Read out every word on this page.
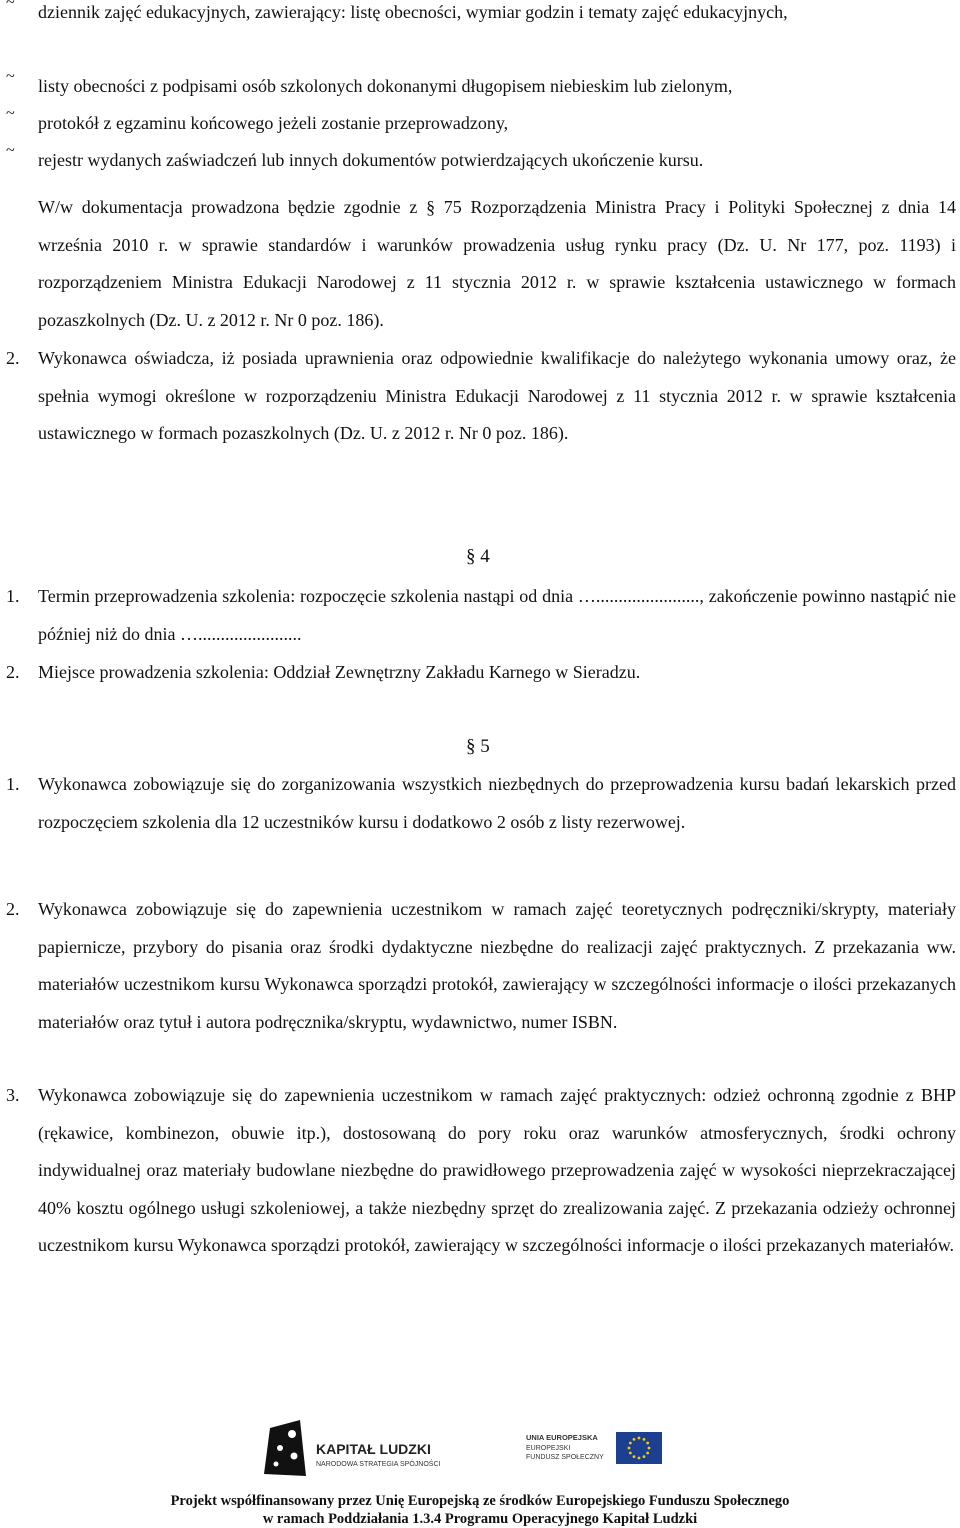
~	dziennik zajęć edukacyjnych, zawierający: listę obecności, wymiar godzin i tematy zajęć edukacyjnych,
~	listy obecności z podpisami osób szkolonych dokonanymi długopisem niebieskim lub zielonym,
~	protokół z egzaminu końcowego jeżeli zostanie przeprowadzony,
~	rejestr wydanych zaświadczeń lub innych dokumentów potwierdzających ukończenie kursu.
W/w dokumentacja prowadzona będzie zgodnie z § 75 Rozporządzenia Ministra Pracy i Polityki Społecznej z dnia 14 września 2010 r. w sprawie standardów i warunków prowadzenia usług rynku pracy (Dz. U. Nr 177, poz. 1193) i rozporządzeniem Ministra Edukacji Narodowej z 11 stycznia 2012 r. w sprawie kształcenia ustawicznego w formach pozaszkolnych (Dz. U. z 2012 r. Nr 0 poz. 186).
2.	Wykonawca oświadcza, iż posiada uprawnienia oraz odpowiednie kwalifikacje do należytego wykonania umowy oraz, że spełnia wymogi określone w rozporządzeniu Ministra Edukacji Narodowej z 11 stycznia 2012 r. w sprawie kształcenia ustawicznego w formach pozaszkolnych (Dz. U. z 2012 r. Nr 0 poz. 186).
§ 4
1.	Termin przeprowadzenia szkolenia: rozpoczęcie szkolenia nastąpi od dnia …......................., zakończenie powinno nastąpić nie później niż do dnia ….......................
2.	Miejsce prowadzenia szkolenia: Oddział Zewnętrzny Zakładu Karnego w Sieradzu.
§ 5
1.	Wykonawca zobowiązuje się do zorganizowania wszystkich niezbędnych do przeprowadzenia kursu badań lekarskich przed rozpoczęciem szkolenia dla 12 uczestników kursu i dodatkowo 2 osób z listy rezerwowej.
2.	Wykonawca zobowiązuje się do zapewnienia uczestnikom w ramach zajęć teoretycznych podręczniki/skrypty, materiały papiernicze, przybory do pisania oraz środki dydaktyczne niezbędne do realizacji zajęć praktycznych. Z przekazania ww. materiałów uczestnikom kursu Wykonawca sporządzi protokół, zawierający w szczególności informacje o ilości przekazanych materiałów oraz tytuł i autora podręcznika/skryptu, wydawnictwo, numer ISBN.
3.	Wykonawca zobowiązuje się do zapewnienia uczestnikom w ramach zajęć praktycznych: odzież ochronną zgodnie z BHP (rękawice, kombinezon, obuwie itp.), dostosowaną do pory roku oraz warunków atmosferycznych, środki ochrony indywidualnej oraz materiały budowlane niezbędne do prawidłowego przeprowadzenia zajęć w wysokości nieprzekraczającej 40% kosztu ogólnego usługi szkoleniowej, a także niezbędny sprzęt do zrealizowania zajęć. Z przekazania odzieży ochronnej uczestnikom kursu Wykonawca sporządzi protokół, zawierający w szczególności informacje o ilości przekazanych materiałów.
KAPITAŁ LUDZKI
NARODOWA STRATEGIA SPÓJNOŚCI
UNIA EUROPEJSKA
EUROPEJSKI
FUNDUSZ SPOŁECZNY
Projekt współfinansowany przez Unię Europejską ze środków Europejskiego Funduszu Społecznego
w ramach Poddziałania 1.3.4 Programu Operacyjnego Kapitał Ludzki
